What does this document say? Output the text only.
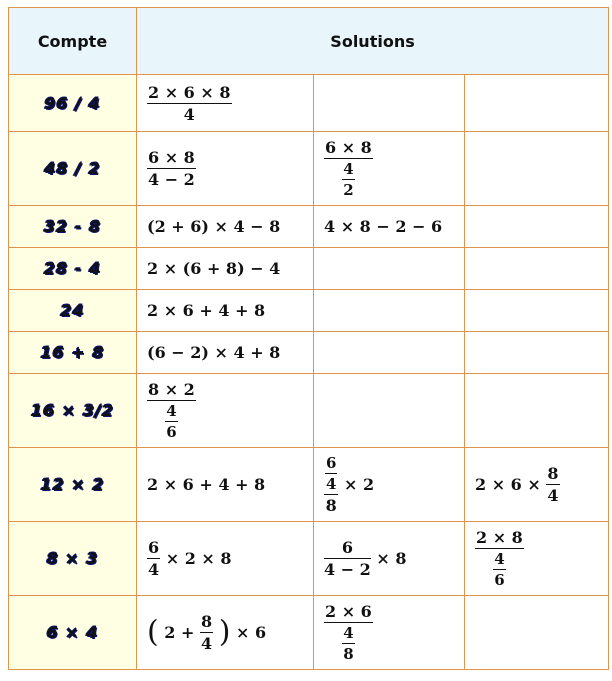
Compte	Solutions		
96 / 4	$\frac{2 \times 6 \times 8}{4}$

48 / 2	$\frac{6 \times 8}{4 - 2}$	$\frac{6 \times 8}{\frac{4}{2}}$

32 - 8	(2 + 6) × 4 − 8	4 × 8 − 2 − 6	
28 - 4	2 × (6 + 8) − 4		
24	2 × 6 + 4 + 8		
16 + 8	(6 − 2) × 4 + 8		
16 × 3/2	$\frac{8 \times 2}{\frac{4}{6}}$

12 × 2	2 × 6 + 4 + 8	$\frac{\frac{6}{4}}{8} \times 2$	$2 \times 6 \times \frac{8}{4}$

8 × 3	$\frac{6}{4} \times 2 \times 8$	$\frac{6}{4 - 2} \times 8$	$\frac{2 \times 8}{\frac{4}{6}}$

6 × 4	( $2 + \frac{8}{4}$ ) × 6	$\frac{2 \times 6}{\frac{4}{8}}$
